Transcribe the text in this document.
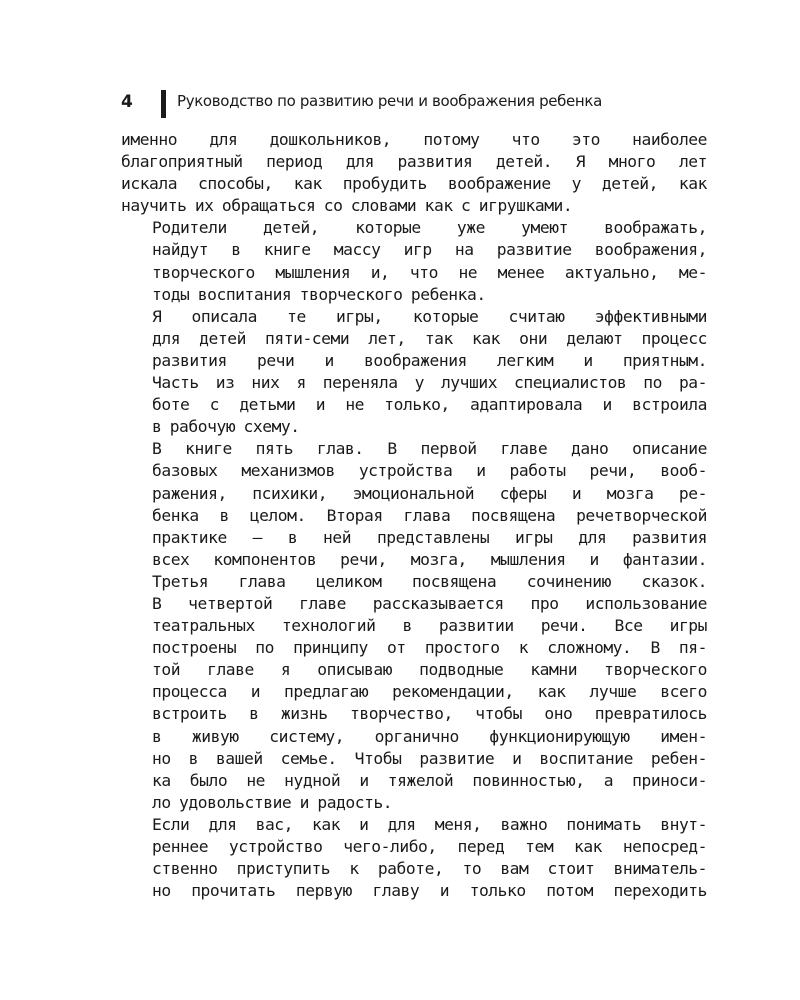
4	Руководство по развитию речи и воображения ребенка

именно для дошкольников, потому что это наиболее
благоприятный период для развития детей. Я много лет
искала способы, как пробудить воображение у детей, как
научить их обращаться со словами как с игрушками.

Родители детей, которые уже умеют воображать,
найдут в книге массу игр на развитие воображения,
творческого мышления и, что не менее актуально, ме-
тоды воспитания творческого ребенка.

Я описала те игры, которые считаю эффективными
для детей пяти-семи лет, так как они делают процесс
развития речи и воображения легким и приятным.
Часть из них я переняла у лучших специалистов по ра-
боте с детьми и не только, адаптировала и встроила
в рабочую схему.

В книге пять глав. В первой главе дано описание
базовых механизмов устройства и работы речи, вооб-
ражения, психики, эмоциональной сферы и мозга ре-
бенка в целом. Вторая глава посвящена речетворческой
практике — в ней представлены игры для развития
всех компонентов речи, мозга, мышления и фантазии.
Третья глава целиком посвящена сочинению сказок.
В четвертой главе рассказывается про использование
театральных технологий в развитии речи. Все игры
построены по принципу от простого к сложному. В пя-
той главе я описываю подводные камни творческого
процесса и предлагаю рекомендации, как лучше всего
встроить в жизнь творчество, чтобы оно превратилось
в живую систему, органично функционирующую имен-
но в вашей семье. Чтобы развитие и воспитание ребен-
ка было не нудной и тяжелой повинностью, а приноси-
ло удовольствие и радость.

Если для вас, как и для меня, важно понимать внут-
реннее устройство чего-либо, перед тем как непосред-
ственно приступить к работе, то вам стоит вниматель-
но прочитать первую главу и только потом переходить
